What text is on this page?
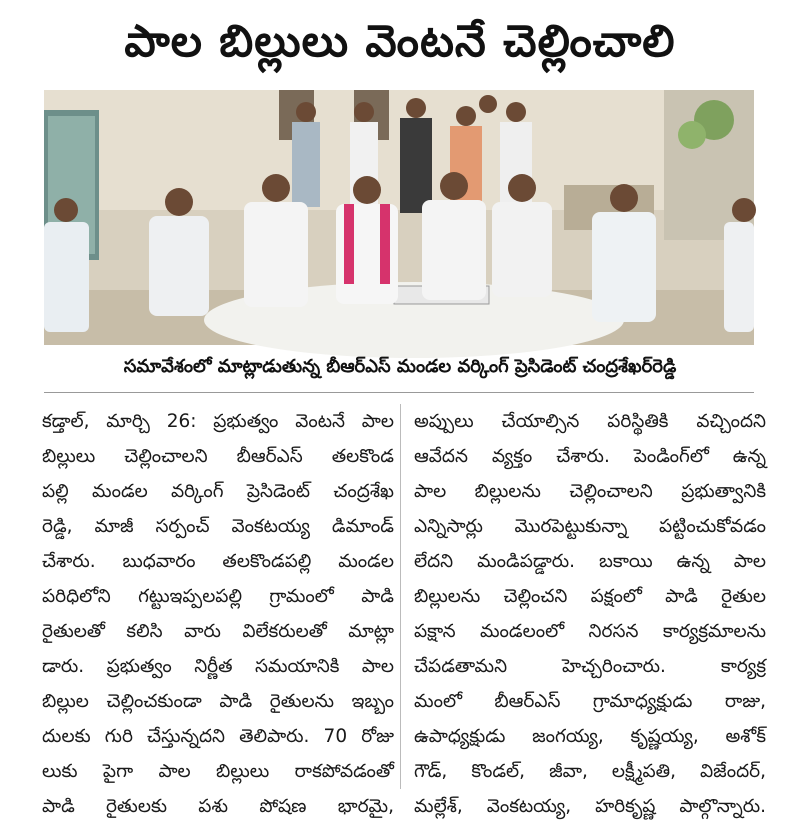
పాల బిల్లులు వెంటనే చెల్లించాలి
సమావేశంలో మాట్లాడుతున్న బీఆర్ఎస్ మండల వర్కింగ్ ప్రెసిడెంట్ చంద్రశేఖర్‌రెడ్డి
కడ్తాల్, మార్చి 26: ప్రభుత్వం వెంటనే పాల
బిల్లులు చెల్లించాలని బీఆర్ఎస్ తలకొండ
పల్లి మండల వర్కింగ్ ప్రెసిడెంట్ చంద్రశేఖ
రెడ్డి, మాజీ సర్పంచ్ వెంకటయ్య డిమాండ్
చేశారు. బుధవారం తలకొండపల్లి మండల
పరిధిలోని గట్టుఇప్పలపల్లి గ్రామంలో పాడి
రైతులతో కలిసి వారు విలేకరులతో మాట్లా
డారు. ప్రభుత్వం నిర్ణీత సమయానికి పాల
బిల్లుల చెల్లించకుండా పాడి రైతులను ఇబ్బం
దులకు గురి చేస్తున్నదని తెలిపారు. 70 రోజు
లుకు పైగా పాల బిల్లులు రాకపోవడంతో
పాడి రైతులకు పశు పోషణ భారమై,
అప్పులు చేయాల్సిన పరిస్థితికి వచ్చిందని
ఆవేదన వ్యక్తం చేశారు. పెండింగ్‌లో ఉన్న
పాల బిల్లులను చెల్లించాలని ప్రభుత్వానికి
ఎన్నిసార్లు మొరపెట్టుకున్నా పట్టించుకోవడం
లేదని మండిపడ్డారు. బకాయి ఉన్న పాల
బిల్లులను చెల్లించని పక్షంలో పాడి రైతుల
పక్షాన మండలంలో నిరసన కార్యక్రమాలను
చేపడతామని హెచ్చరించారు. కార్యక్ర
మంలో బీఆర్ఎస్ గ్రామాధ్యక్షుడు రాజు,
ఉపాధ్యక్షుడు జంగయ్య, కృష్ణయ్య, అశోక్
గౌడ్, కొండల్, జీవా, లక్ష్మీపతి, విజేందర్,
మల్లేశ్, వెంకటయ్య, హరికృష్ణ పాల్గొన్నారు.
